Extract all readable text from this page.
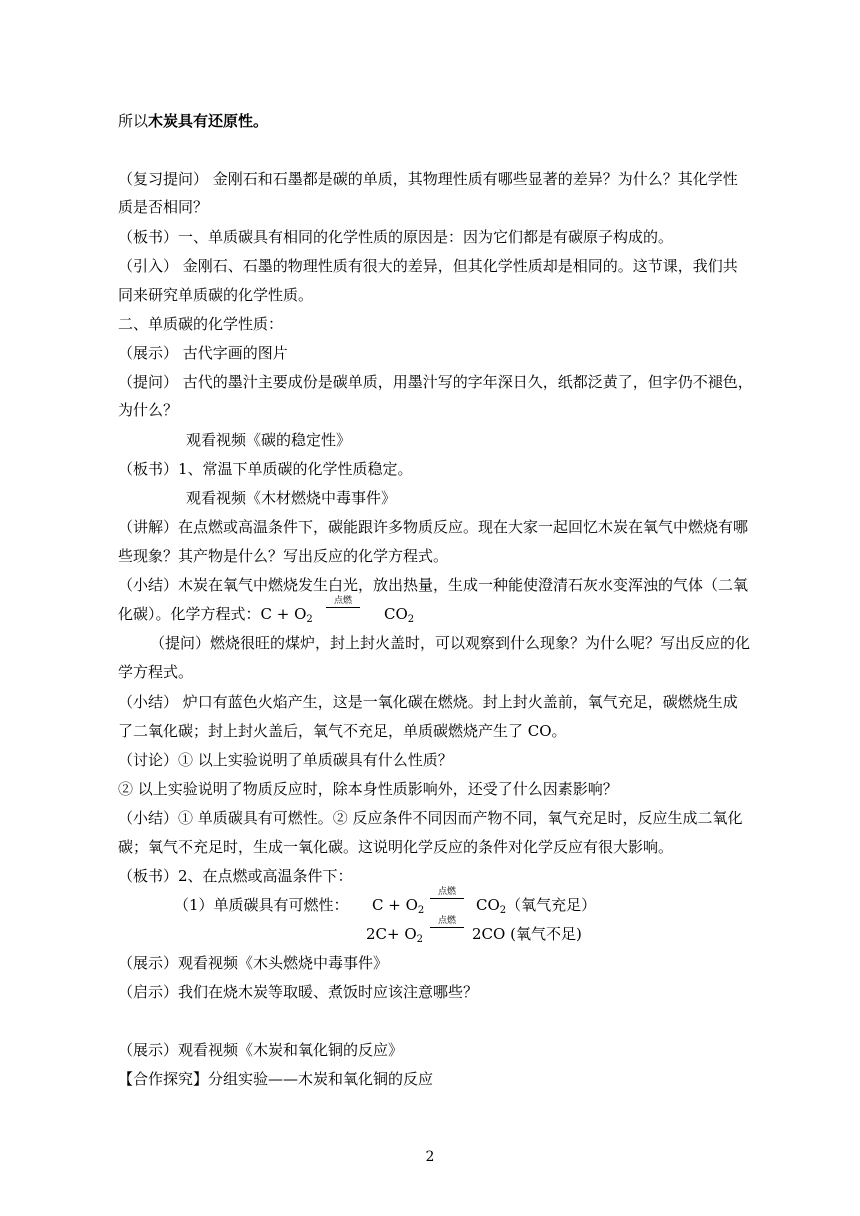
所以木炭具有还原性。
（复习提问） 金刚石和石墨都是碳的单质，其物理性质有哪些显著的差异？为什么？其化学性
质是否相同？
（板书）一、单质碳具有相同的化学性质的原因是：因为它们都是有碳原子构成的。
（引入） 金刚石、石墨的物理性质有很大的差异，但其化学性质却是相同的。这节课，我们共
同来研究单质碳的化学性质。
二、单质碳的化学性质：
（展示） 古代字画的图片
（提问） 古代的墨汁主要成份是碳单质，用墨汁写的字年深日久，纸都泛黄了，但字仍不褪色，
为什么？
观看视频《碳的稳定性》
（板书）1、常温下单质碳的化学性质稳定。
观看视频《木材燃烧中毒事件》
（讲解）在点燃或高温条件下，碳能跟许多物质反应。现在大家一起回忆木炭在氧气中燃烧有哪
些现象？其产物是什么？写出反应的化学方程式。
（小结）木炭在氧气中燃烧发生白光，放出热量，生成一种能使澄清石灰水变浑浊的气体（二氧
化碳）。化学方程式：$C + O_2$
点燃
$CO_2$
（提问）燃烧很旺的煤炉，封上封火盖时，可以观察到什么现象？为什么呢？写出反应的化
学方程式。
（小结） 炉口有蓝色火焰产生，这是一氧化碳在燃烧。封上封火盖前，氧气充足，碳燃烧生成
了二氧化碳；封上封火盖后，氧气不充足，单质碳燃烧产生了 CO。
（讨论）① 以上实验说明了单质碳具有什么性质？
② 以上实验说明了物质反应时，除本身性质影响外，还受了什么因素影响？
（小结）① 单质碳具有可燃性。② 反应条件不同因而产物不同，氧气充足时，反应生成二氧化
碳；氧气不充足时，生成一氧化碳。这说明化学反应的条件对化学反应有很大影响。
（板书）2、在点燃或高温条件下：
（1）单质碳具有可燃性： $C + O_2$
点燃
$CO_2$（氧气充足）
$2C+ O_2$
点燃
2CO (氧气不足)
（展示）观看视频《木头燃烧中毒事件》
（启示）我们在烧木炭等取暖、煮饭时应该注意哪些？
（展示）观看视频《木炭和氧化铜的反应》
【合作探究】分组实验——木炭和氧化铜的反应
2
